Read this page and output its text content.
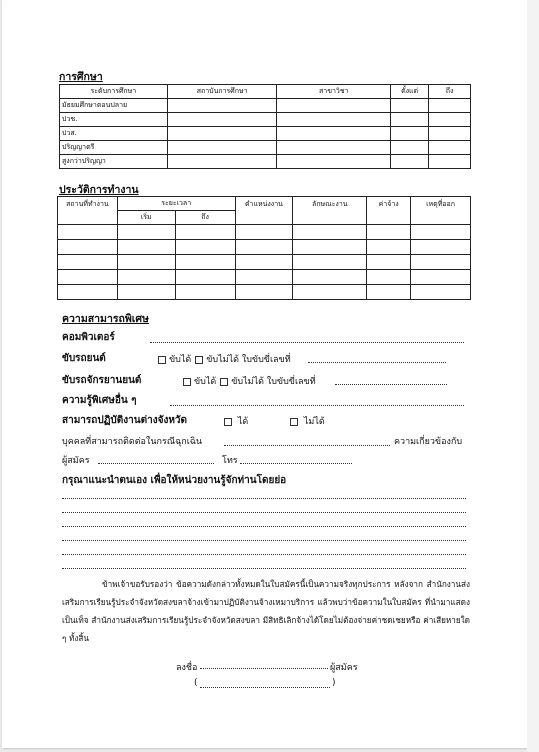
การศึกษา
ระดับการศึกษา	สถาบันการศึกษา	สาขาวิชา	ตั้งแต่	ถึง
มัธยมศึกษาตอนปลาย				
ปวช.				
ปวส.				
ปริญญาตรี				
สูงกว่าปริญญา				
ประวัติการทำงาน
สถานที่ทำงาน	ระยะเวลา		ตำแหน่งงาน	ลักษณะงาน	ค่าจ้าง	เหตุที่ออก
	เริ่ม	ถึง				

ความสามารถพิเศษ
คอมพิวเตอร์
ขับรถยนต์	ขับได้ ขับไม่ได้ ใบขับขี่เลขที่
ขับรถจักรยานยนต์	ขับได้ ขับไม่ได้ ใบขับขี่เลขที่
ความรู้พิเศษอื่น ๆ
สามารถปฏิบัติงานต่างจังหวัด	ได้	ไม่ได้
บุคคลที่สามารถติดต่อในกรณีฉุกเฉิน	ความเกี่ยวข้องกับ
ผู้สมัคร	โทร
กรุณาแนะนำตนเอง เพื่อให้หน่วยงานรู้จักท่านโดยย่อ
ข้าพเจ้าขอรับรองว่า ข้อความดังกล่าวทั้งหมดในใบสมัครนี้เป็นความจริงทุกประการ หลังจาก สำนักงานส่งเสริมการเรียนรู้ประจำจังหวัดสงขลาจ้างเข้ามาปฏิบัติงานจ้างเหมาบริการ แล้วพบว่าข้อความในใบสมัคร ที่นำมาแสดงเป็นเท็จ สำนักงานส่งเสริมการเรียนรู้ประจำจังหวัดสงขลา มีสิทธิเลิกจ้างได้โดยไม่ต้องจ่ายค่าชดเชยหรือ ค่าเสียหายใด ๆ ทั้งสิ้น
ลงชื่อ	ผู้สมัคร
(	)
